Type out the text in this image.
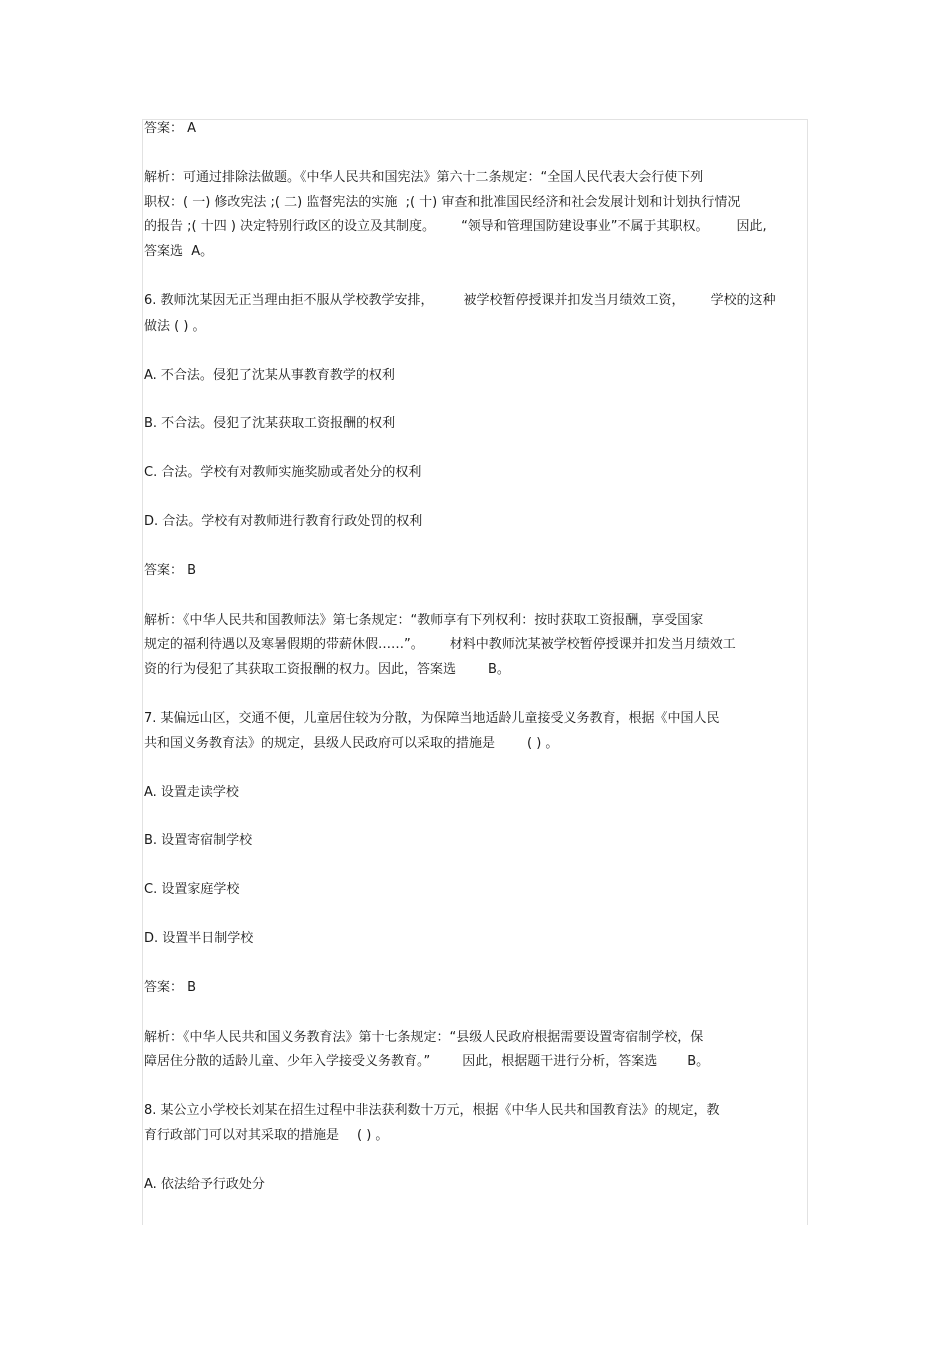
答案： A
解析：可通过排除法做题。《中华人民共和国宪法》第六十二条规定：“全国人民代表大会行使下列
职权：( 一) 修改宪法 ;( 二) 监督宪法的实施  ;( 十) 审查和批准国民经济和社会发展计划和计划执行情况
的报告 ;( 十四 ) 决定特别行政区的设立及其制度。 “领导和管理国防建设事业”不属于其职权。 因此,
答案选  A。
6. 教师沈某因无正当理由拒不服从学校教学安排， 被学校暂停授课并扣发当月绩效工资， 学校的这种
做法 ( ) 。
A. 不合法。侵犯了沈某从事教育教学的权利
B. 不合法。侵犯了沈某获取工资报酬的权利
C. 合法。学校有对教师实施奖励或者处分的权利
D. 合法。学校有对教师进行教育行政处罚的权利
答案： B
解析：《中华人民共和国教师法》第七条规定：“教师享有下列权利：按时获取工资报酬，享受国家
规定的福利待遇以及寒暑假期的带薪休假……”。 材料中教师沈某被学校暂停授课并扣发当月绩效工
资的行为侵犯了其获取工资报酬的权力。因此，答案选 B。
7. 某偏远山区，交通不便，儿童居住较为分散，为保障当地适龄儿童接受义务教育，根据《中国人民
共和国义务教育法》的规定，县级人民政府可以采取的措施是 ( ) 。
A. 设置走读学校
B. 设置寄宿制学校
C. 设置家庭学校
D. 设置半日制学校
答案： B
解析：《中华人民共和国义务教育法》第十七条规定：“县级人民政府根据需要设置寄宿制学校，保
障居住分散的适龄儿童、少年入学接受义务教育。” 因此，根据题干进行分析，答案选 B。
8. 某公立小学校长刘某在招生过程中非法获利数十万元，根据《中华人民共和国教育法》的规定，教
育行政部门可以对其采取的措施是 ( ) 。
A. 依法给予行政处分
